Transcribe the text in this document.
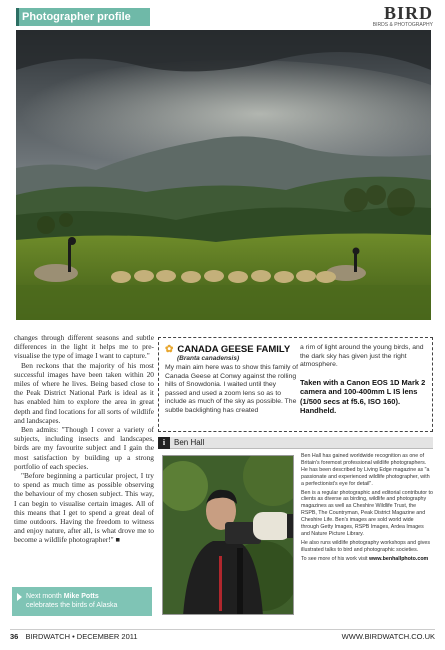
Photographer profile	BIRD
BIRDS & PHOTOGRAPHY

changes through different seasons and subtle differences in the light it helps me to pre-visualise the type of image I want to capture."

Ben reckons that the majority of his most successful images have been taken within 20 miles of where he lives. Being based close to the Peak District National Park is ideal as it has enabled him to explore the area in great depth and find locations for all sorts of wildlife and landscapes.

Ben admits: "Though I cover a variety of subjects, including insects and landscapes, birds are my favourite subject and I gain the most satisfaction by building up a strong portfolio of each species.

"Before beginning a particular project, I try to spend as much time as possible observing the behaviour of my chosen subject. This way, I can begin to visualise certain images. All of this means that I get to spend a great deal of time outdoors. Having the freedom to witness and enjoy nature, after all, is what drove me to become a wildlife photographer!" ■

Next month Mike Potts
celebrates the birds of Alaska
✿ CANADA GEESE FAMILY
(Branta canadensis)
My main aim here was to show this family of Canada Geese at Conwy against the rolling hills of Snowdonia. I waited until they passed and used a zoom lens so as to include as much of the sky as possible. The subtle backlighting has created
a rim of light around the young birds, and the dark sky has given just the right atmosphere.
Taken with a Canon EOS 1D Mark 2 camera and 100-400mm L IS lens (1/500 secs at f5.6, ISO 160). Handheld.
i	Ben Hall

Ben Hall has gained worldwide recognition as one of Britain's foremost professional wildlife photographers. He has been described by Living Edge magazine as "a passionate and experienced wildlife photographer, with a perfectionist's eye for detail".

Ben is a regular photographic and editorial contributor to clients as diverse as birding, wildlife and photography magazines as well as Cheshire Wildlife Trust, the RSPB, The Countryman, Peak District Magazine and Cheshire Life. Ben's images are sold world wide through Getty Images, RSPB Images, Ardea Images and Nature Picture Library.

He also runs wildlife photography workshops and gives illustrated talks to bird and photographic societies.

To see more of his work visit www.benhallphoto.com

36 BIRDWATCH • DECEMBER 2011	WWW.BIRDWATCH.CO.UK
